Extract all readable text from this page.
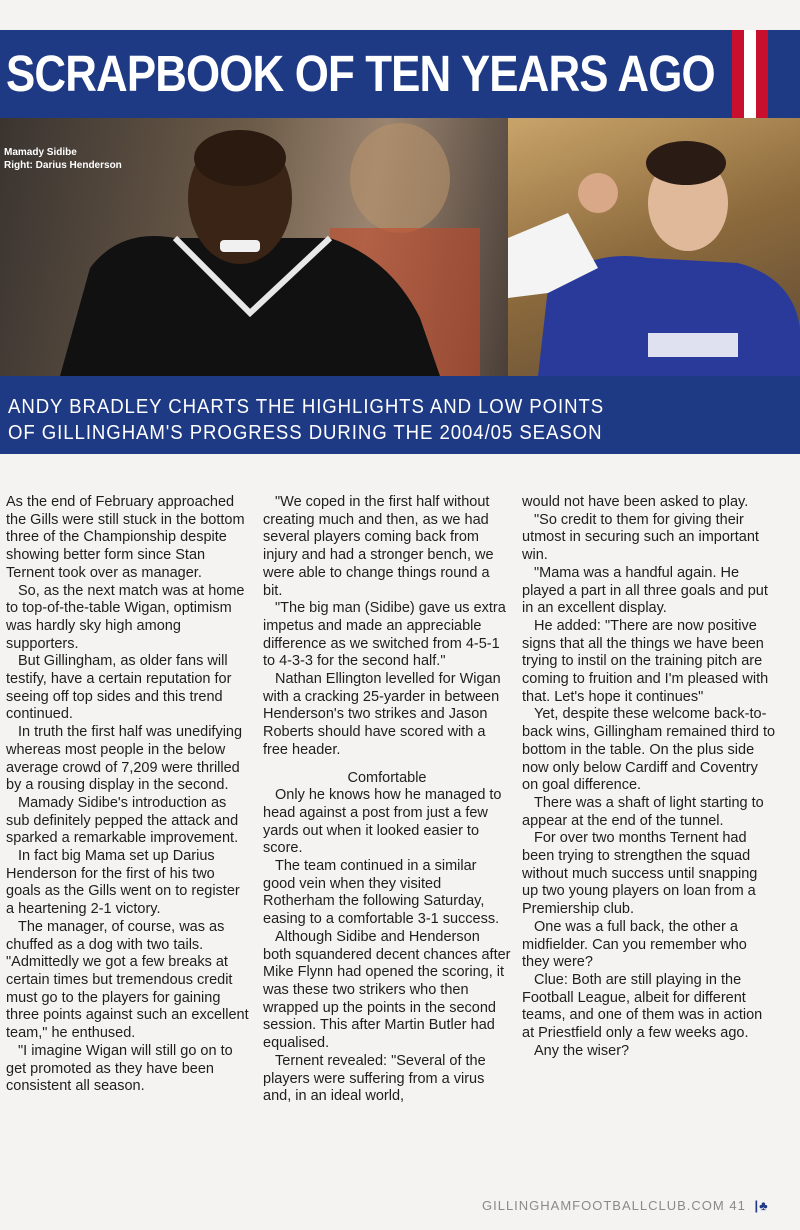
SCRAPBOOK OF TEN YEARS AGO
Mamady Sidibe
Right: Darius Henderson
ANDY BRADLEY CHARTS THE HIGHLIGHTS AND LOW POINTS
OF GILLINGHAM'S PROGRESS DURING THE 2004/05 SEASON

As the end of February approached the Gills were still stuck in the bottom three of the Championship despite showing better form since Stan Ternent took over as manager.

So, as the next match was at home to top-of-the-table Wigan, optimism was hardly sky high among supporters.

But Gillingham, as older fans will testify, have a certain reputation for seeing off top sides and this trend continued.

In truth the first half was unedifying whereas most people in the below average crowd of 7,209 were thrilled by a rousing display in the second.

Mamady Sidibe's introduction as sub definitely pepped the attack and sparked a remarkable improvement.

In fact big Mama set up Darius Henderson for the first of his two goals as the Gills went on to register a heartening 2-1 victory.

The manager, of course, was as chuffed as a dog with two tails. "Admittedly we got a few breaks at certain times but tremendous credit must go to the players for gaining three points against such an excellent team," he enthused.

"I imagine Wigan will still go on to get promoted as they have been consistent all season.

"We coped in the first half without creating much and then, as we had several players coming back from injury and had a stronger bench, we were able to change things round a bit.

"The big man (Sidibe) gave us extra impetus and made an appreciable difference as we switched from 4-5-1 to 4-3-3 for the second half."

Nathan Ellington levelled for Wigan with a cracking 25-yarder in between Henderson's two strikes and Jason Roberts should have scored with a free header.

Comfortable

Only he knows how he managed to head against a post from just a few yards out when it looked easier to score.

The team continued in a similar good vein when they visited Rotherham the following Saturday, easing to a comfortable 3-1 success.

Although Sidibe and Henderson both squandered decent chances after Mike Flynn had opened the scoring, it was these two strikers who then wrapped up the points in the second session. This after Martin Butler had equalised.

Ternent revealed: "Several of the players were suffering from a virus and, in an ideal world,

would not have been asked to play.

"So credit to them for giving their utmost in securing such an important win.

"Mama was a handful again. He played a part in all three goals and put in an excellent display.

He added: "There are now positive signs that all the things we have been trying to instil on the training pitch are coming to fruition and I'm pleased with that. Let's hope it continues"

Yet, despite these welcome back-to-back wins, Gillingham remained third to bottom in the table. On the plus side now only below Cardiff and Coventry on goal difference.

There was a shaft of light starting to appear at the end of the tunnel.

For over two months Ternent had been trying to strengthen the squad without much success until snapping up two young players on loan from a Premiership club.

One was a full back, the other a midfielder. Can you remember who they were?

Clue: Both are still playing in the Football League, albeit for different teams, and one of them was in action at Priestfield only a few weeks ago.

Any the wiser?

GILLINGHAMFOOTBALLCLUB.COM 41 |♣
